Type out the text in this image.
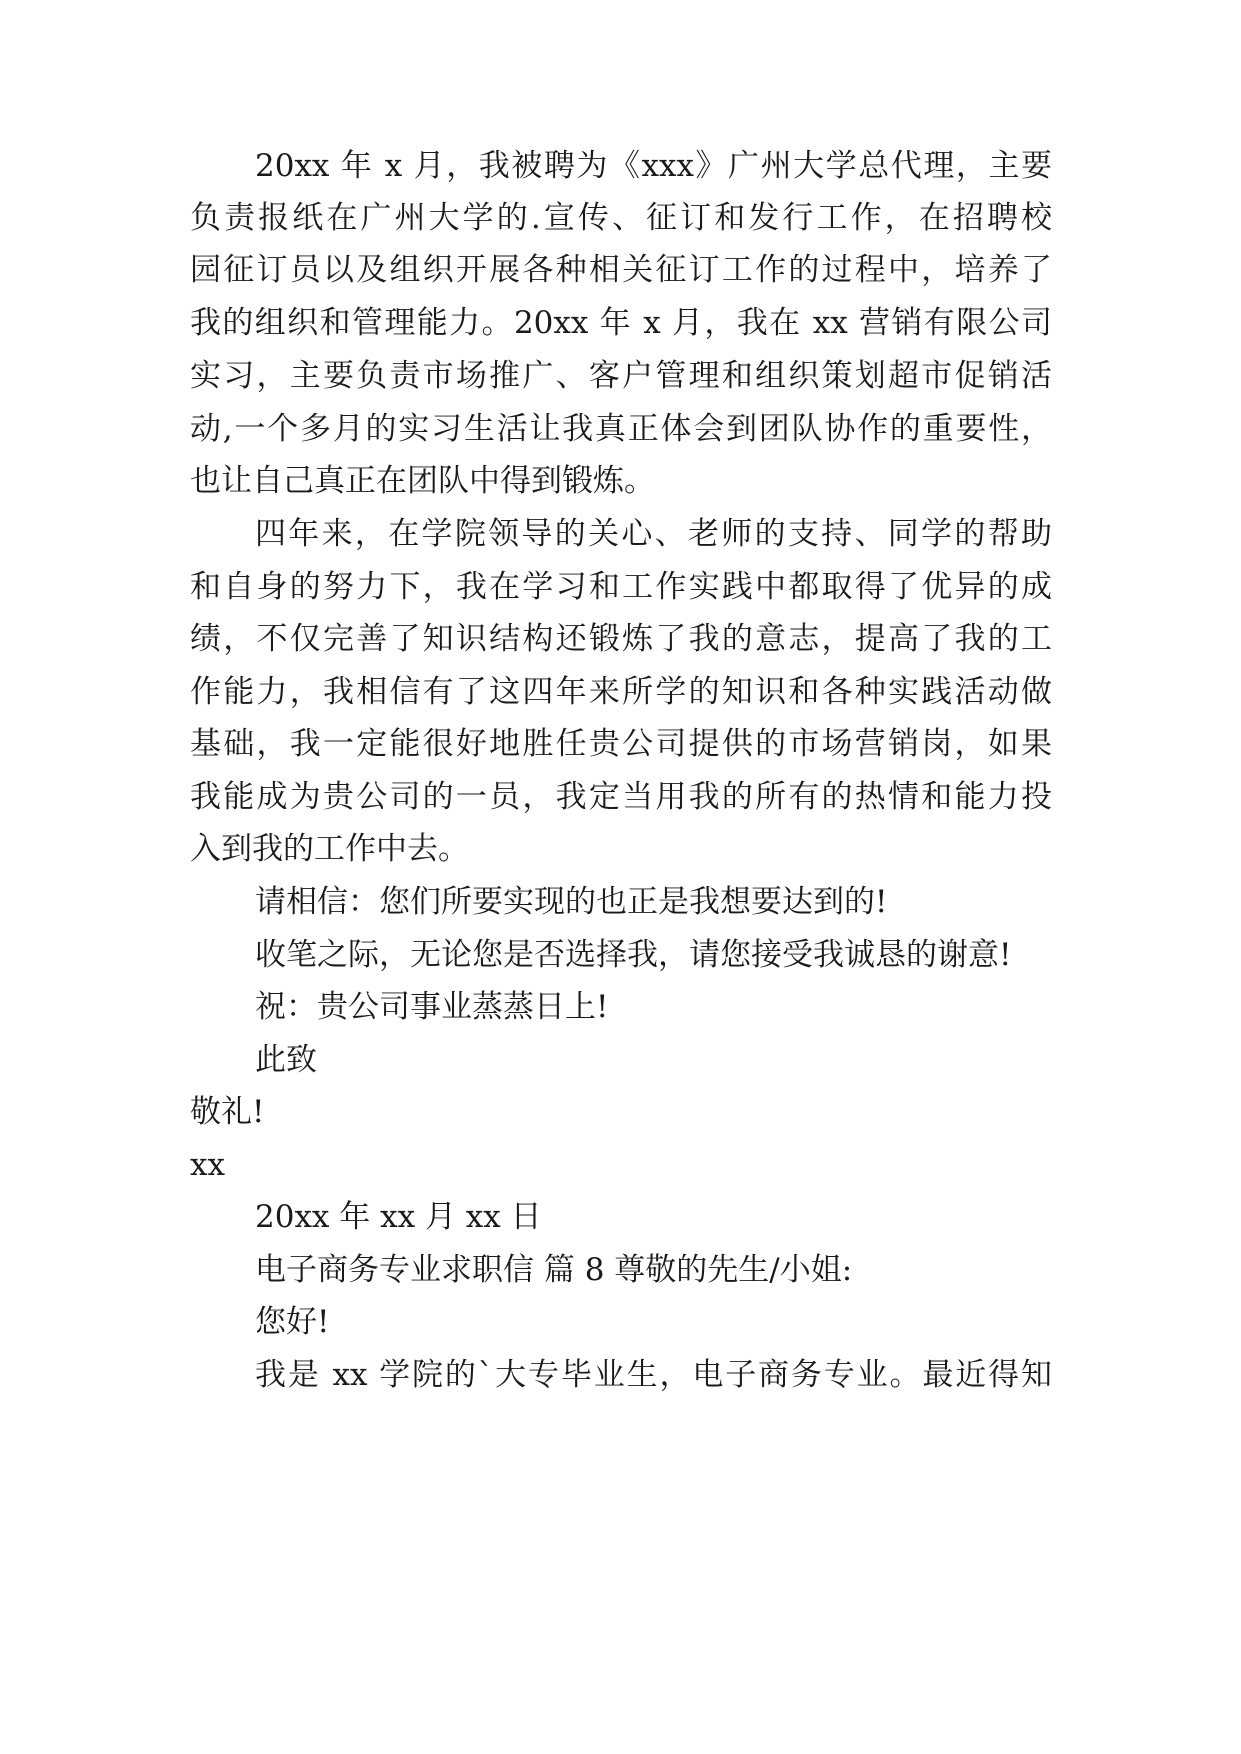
20xx 年 x 月，我被聘为《xxx》广州大学总代理，主要
负责报纸在广州大学的.宣传、征订和发行工作，在招聘校
园征订员以及组织开展各种相关征订工作的过程中，培养了
我的组织和管理能力。20xx 年 x 月，我在 xx 营销有限公司
实习，主要负责市场推广、客户管理和组织策划超市促销活
动,一个多月的实习生活让我真正体会到团队协作的重要性，
也让自己真正在团队中得到锻炼。
四年来，在学院领导的关心、老师的支持、同学的帮助
和自身的努力下，我在学习和工作实践中都取得了优异的成
绩，不仅完善了知识结构还锻炼了我的意志，提高了我的工
作能力，我相信有了这四年来所学的知识和各种实践活动做
基础，我一定能很好地胜任贵公司提供的市场营销岗，如果
我能成为贵公司的一员，我定当用我的所有的热情和能力投
入到我的工作中去。
请相信：您们所要实现的也正是我想要达到的!
收笔之际，无论您是否选择我，请您接受我诚恳的谢意!
祝：贵公司事业蒸蒸日上!
此致
敬礼!
xx
20xx 年 xx 月 xx 日
电子商务专业求职信 篇 8 尊敬的先生/小姐:
您好!
我是 xx 学院的`大专毕业生，电子商务专业。最近得知
